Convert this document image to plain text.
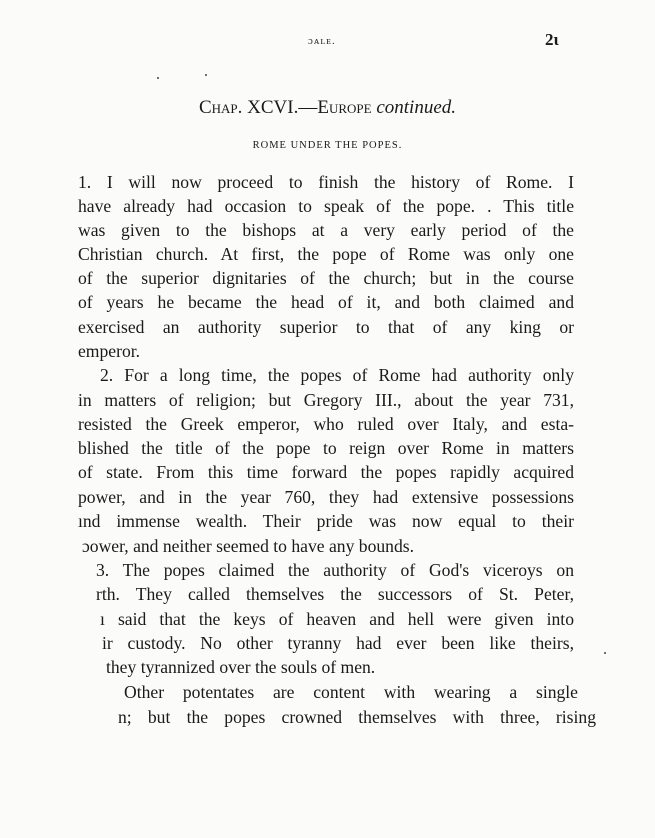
ɔᴀʟᴇ.	2ɩ
Chap. XCVI.—Europe continued.
ROME UNDER THE POPES.
1. I will now proceed to finish the history of Rome. I
have already had occasion to speak of the pope. . This title
was given to the bishops at a very early period of the
Christian church. At first, the pope of Rome was only one
of the superior dignitaries of the church; but in the course
of years he became the head of it, and both claimed and
exercised an authority superior to that of any king or
emperor.
2. For a long time, the popes of Rome had authority only
in matters of religion; but Gregory III., about the year 731,
resisted the Greek emperor, who ruled over Italy, and esta-
blished the title of the pope to reign over Rome in matters
of state. From this time forward the popes rapidly acquired
power, and in the year 760, they had extensive possessions
ınd immense wealth. Their pride was now equal to their
ɔower, and neither seemed to have any bounds.
3. The popes claimed the authority of God's viceroys on
rth. They called themselves the successors of St. Peter,
ı said that the keys of heaven and hell were given into
ir custody. No other tyranny had ever been like theirs,
they tyrannized over the souls of men.
Other potentates are content with wearing a single
n; but the popes crowned themselves with three, rising
